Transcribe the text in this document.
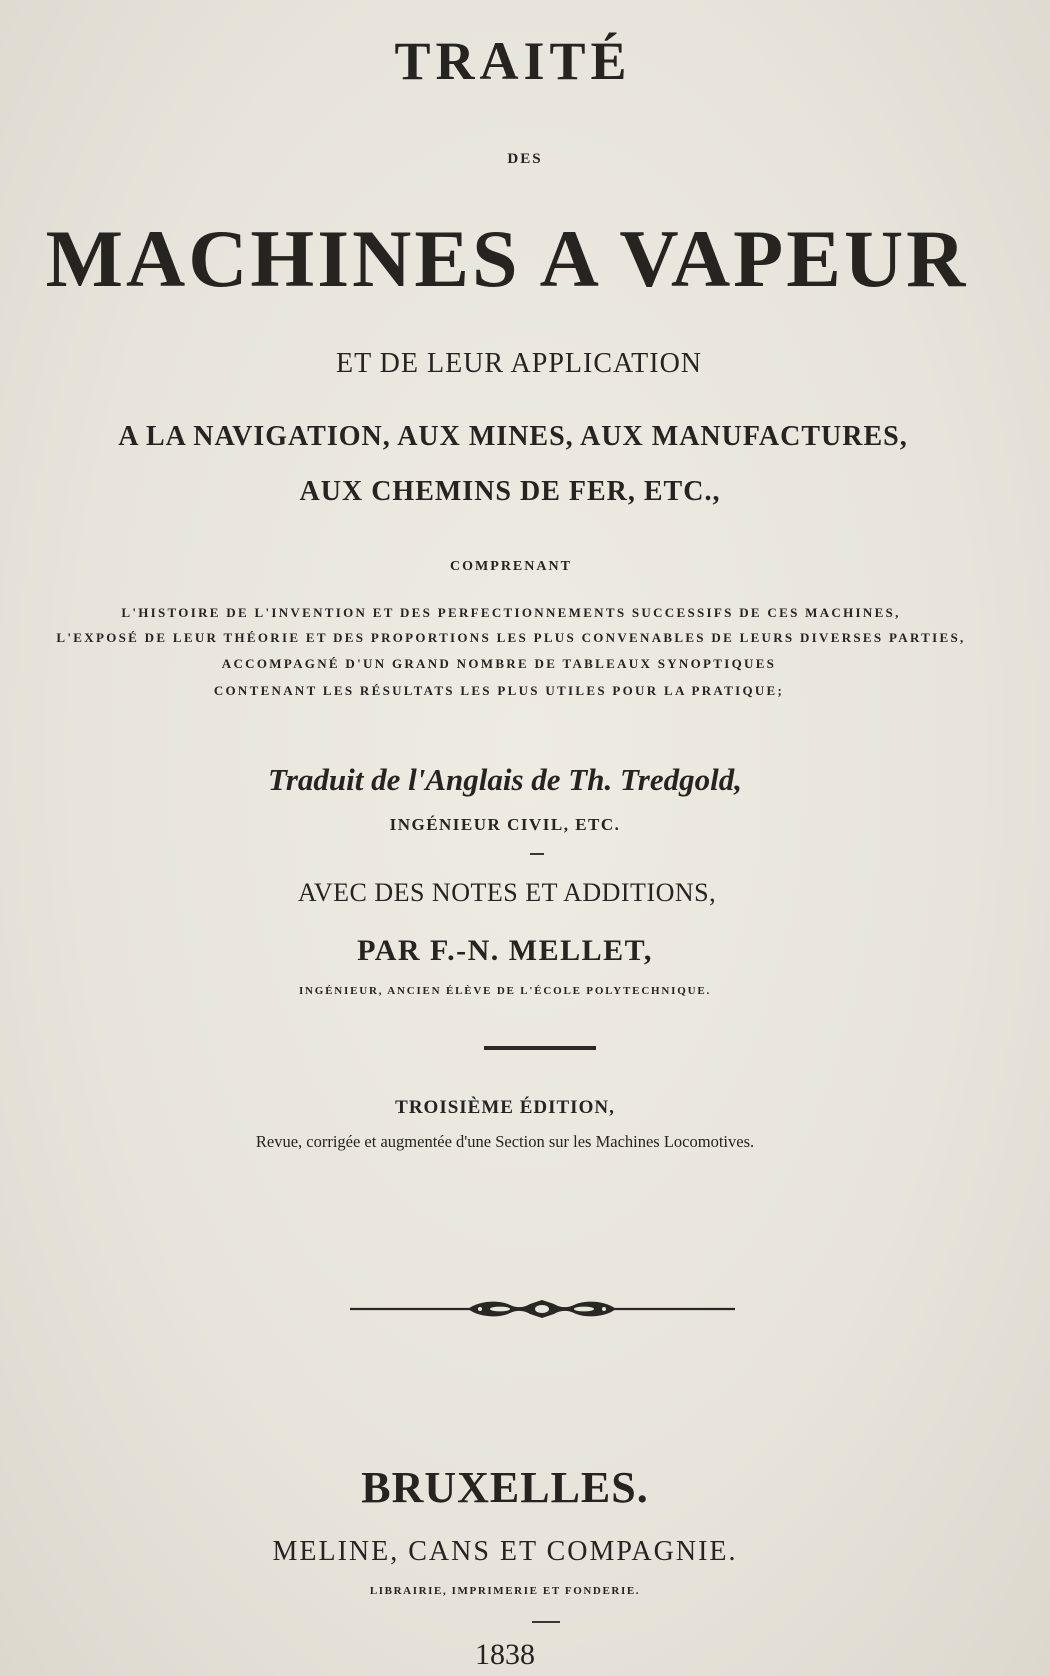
TRAITÉ
DES
MACHINES A VAPEUR
ET DE LEUR APPLICATION
A LA NAVIGATION, AUX MINES, AUX MANUFACTURES,
AUX CHEMINS DE FER, ETC.,
COMPRENANT
L'HISTOIRE DE L'INVENTION ET DES PERFECTIONNEMENTS SUCCESSIFS DE CES MACHINES,
L'EXPOSÉ DE LEUR THÉORIE ET DES PROPORTIONS LES PLUS CONVENABLES DE LEURS DIVERSES PARTIES,
ACCOMPAGNÉ D'UN GRAND NOMBRE DE TABLEAUX SYNOPTIQUES
CONTENANT LES RÉSULTATS LES PLUS UTILES POUR LA PRATIQUE;
Traduit de l'Anglais de Th. Tredgold,
INGÉNIEUR CIVIL, ETC.
AVEC DES NOTES ET ADDITIONS,
PAR F.-N. MELLET,
INGÉNIEUR, ANCIEN ÉLÈVE DE L'ÉCOLE POLYTECHNIQUE.
TROISIÈME ÉDITION,
Revue, corrigée et augmentée d'une Section sur les Machines Locomotives.
BRUXELLES.
MELINE, CANS ET COMPAGNIE.
LIBRAIRIE, IMPRIMERIE ET FONDERIE.
1838
